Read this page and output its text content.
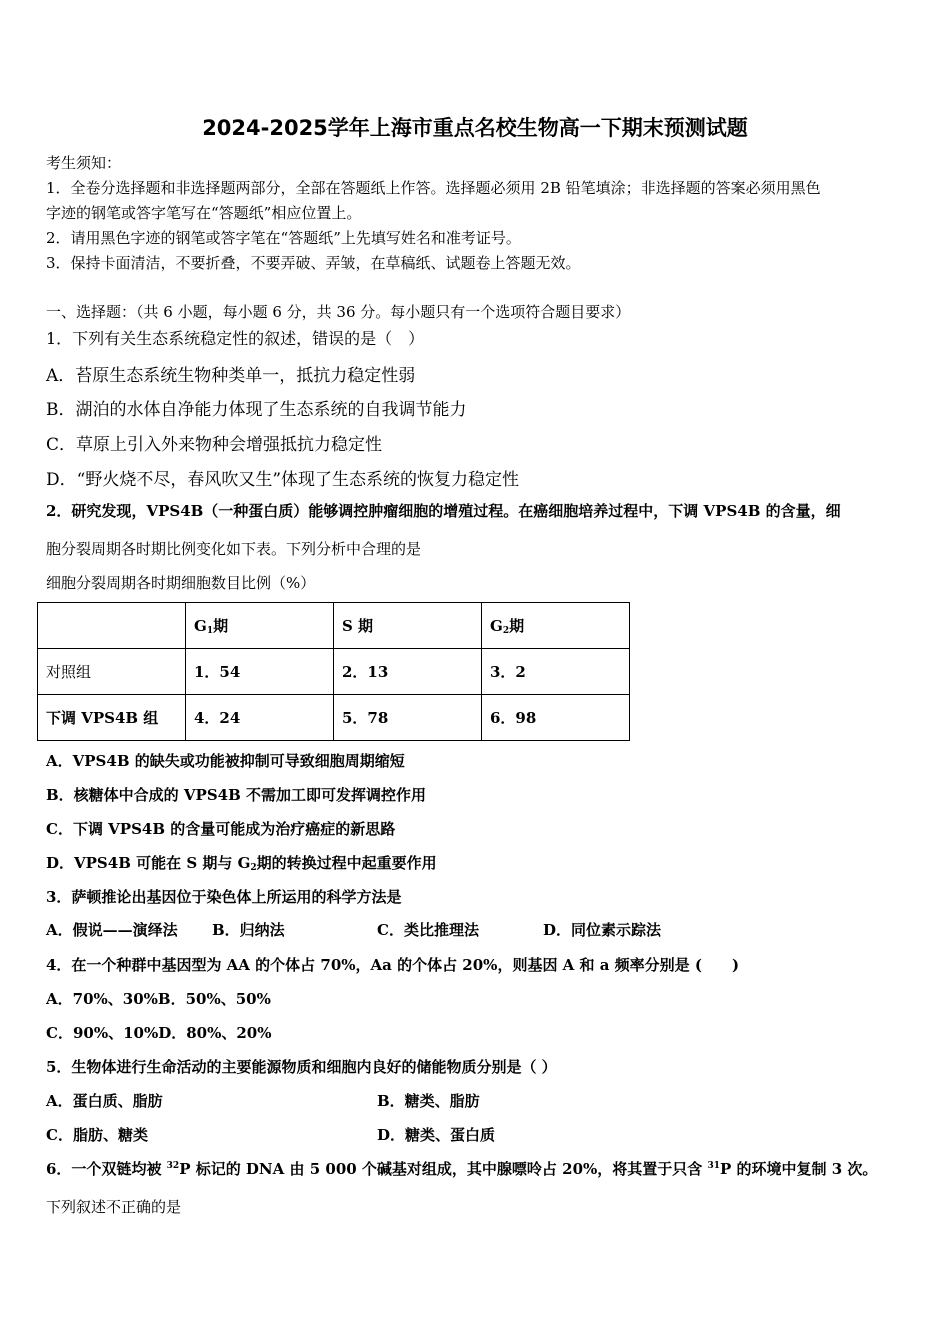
2024-2025学年上海市重点名校生物高一下期末预测试题
考生须知：
1．全卷分选择题和非选择题两部分，全部在答题纸上作答。选择题必须用 2B 铅笔填涂；非选择题的答案必须用黑色
字迹的钢笔或答字笔写在“答题纸”相应位置上。
2．请用黑色字迹的钢笔或答字笔在“答题纸”上先填写姓名和准考证号。
3．保持卡面清洁，不要折叠，不要弄破、弄皱，在草稿纸、试题卷上答题无效。
一、选择题：（共 6 小题，每小题 6 分，共 36 分。每小题只有一个选项符合题目要求）
1．下列有关生态系统稳定性的叙述，错误的是（　）
A．苔原生态系统生物种类单一，抵抗力稳定性弱
B．湖泊的水体自净能力体现了生态系统的自我调节能力
C．草原上引入外来物种会增强抵抗力稳定性
D．“野火烧不尽，春风吹又生”体现了生态系统的恢复力稳定性
2．研究发现，VPS4B（一种蛋白质）能够调控肿瘤细胞的增殖过程。在癌细胞培养过程中，下调 VPS4B 的含量，细
胞分裂周期各时期比例变化如下表。下列分析中合理的是
细胞分裂周期各时期细胞数目比例（%）
	$G_1$期	S 期	$G_2$期
对照组	1．54	2．13	3．2
下调 VPS4B 组	4．24	5．78	6．98
A．VPS4B 的缺失或功能被抑制可导致细胞周期缩短
B．核糖体中合成的 VPS4B 不需加工即可发挥调控作用
C．下调 VPS4B 的含量可能成为治疗癌症的新思路
D．VPS4B 可能在 S 期与 $G_2$期的转换过程中起重要作用
3．萨顿推论出基因位于染色体上所运用的科学方法是
A．假说——演绎法 B．归纳法	C．类比推理法	D．同位素示踪法
4．在一个种群中基因型为 AA 的个体占 70%，Aa 的个体占 20%，则基因 A 和 a 频率分别是 (　　)
A．70%、30%B．50%、50%
C．90%、10%D．80%、20%
5．生物体进行生命活动的主要能源物质和细胞内良好的储能物质分别是（ ）
A．蛋白质、脂肪	B．糖类、脂肪
C．脂肪、糖类	D．糖类、蛋白质
6．一个双链均被 $^{32}$P 标记的 DNA 由 5 000 个碱基对组成，其中腺嘌呤占 20%，将其置于只含 $^{31}$P 的环境中复制 3 次。
下列叙述不正确的是
